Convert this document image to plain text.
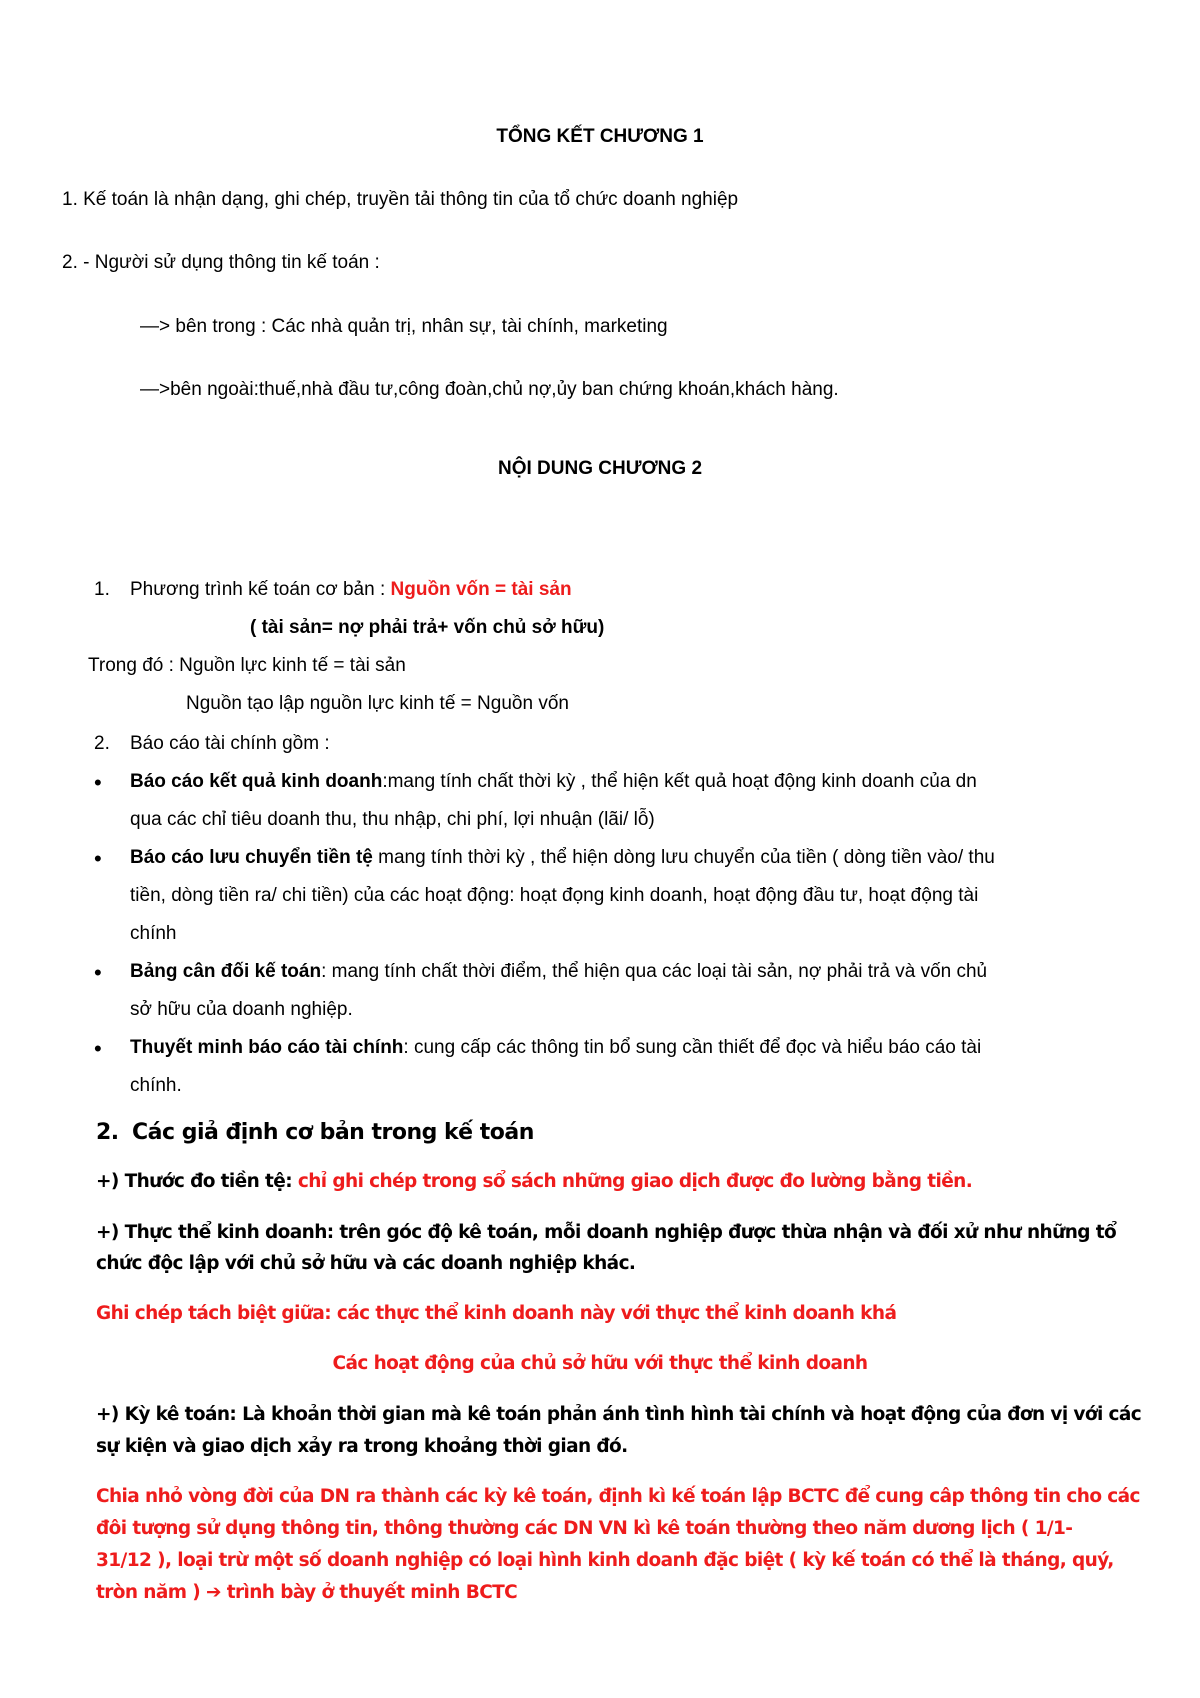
TỔNG KẾT CHƯƠNG 1
1. Kế toán là nhận dạng, ghi chép, truyền tải thông tin của tổ chức doanh nghiệp
2. - Người sử dụng thông tin kế toán :
—> bên trong : Các nhà quản trị, nhân sự, tài chính, marketing
—>bên ngoài:thuế,nhà đầu tư,công đoàn,chủ nợ,ủy ban chứng khoán,khách hàng.
NỘI DUNG CHƯƠNG 2
1. Phương trình kế toán cơ bản : Nguồn vốn = tài sản
( tài sản= nợ phải trả+ vốn chủ sở hữu)
Trong đó : Nguồn lực kinh tế = tài sản
Nguồn tạo lập nguồn lực kinh tế = Nguồn vốn
2. Báo cáo tài chính gồm :
• Báo cáo kết quả kinh doanh:mang tính chất thời kỳ , thể hiện kết quả hoạt động kinh doanh của dn
qua các chỉ tiêu doanh thu, thu nhập, chi phí, lợi nhuận (lãi/ lỗ)
• Báo cáo lưu chuyển tiền tệ mang tính thời kỳ , thể hiện dòng lưu chuyển của tiền ( dòng tiền vào/ thu
tiền, dòng tiền ra/ chi tiền) của các hoạt động: hoạt đọng kinh doanh, hoạt động đầu tư, hoạt động tài
chính
• Bảng cân đối kế toán: mang tính chất thời điểm, thể hiện qua các loại tài sản, nợ phải trả và vốn chủ
sở hữu của doanh nghiệp.
• Thuyết minh báo cáo tài chính: cung cấp các thông tin bổ sung cần thiết để đọc và hiểu báo cáo tài
chính.
2. Các giả định cơ bản trong kế toán
+) Thước đo tiền tệ: chỉ ghi chép trong sổ sách những giao dịch được đo lường bằng tiền.
+) Thực thể kinh doanh: trên góc độ kê toán, mỗi doanh nghiệp được thừa nhận và đối xử như những tổ
chức độc lập với chủ sở hữu và các doanh nghiệp khác.
Ghi chép tách biệt giữa: các thực thể kinh doanh này với thực thể kinh doanh khá
Các hoạt động của chủ sở hữu với thực thể kinh doanh
+) Kỳ kê toán: Là khoản thời gian mà kê toán phản ánh tình hình tài chính và hoạt động của đơn vị với các
sự kiện và giao dịch xảy ra trong khoảng thời gian đó.
Chia nhỏ vòng đời của DN ra thành các kỳ kê toán, định kì kế toán lập BCTC để cung câp thông tin cho các
đôi tượng sử dụng thông tin, thông thường các DN VN kì kê toán thường theo năm dương lịch ( 1/1-
31/12 ), loại trừ một số doanh nghiệp có loại hình kinh doanh đặc biệt ( kỳ kế toán có thể là tháng, quý,
tròn năm ) ➔ trình bày ở thuyết minh BCTC
